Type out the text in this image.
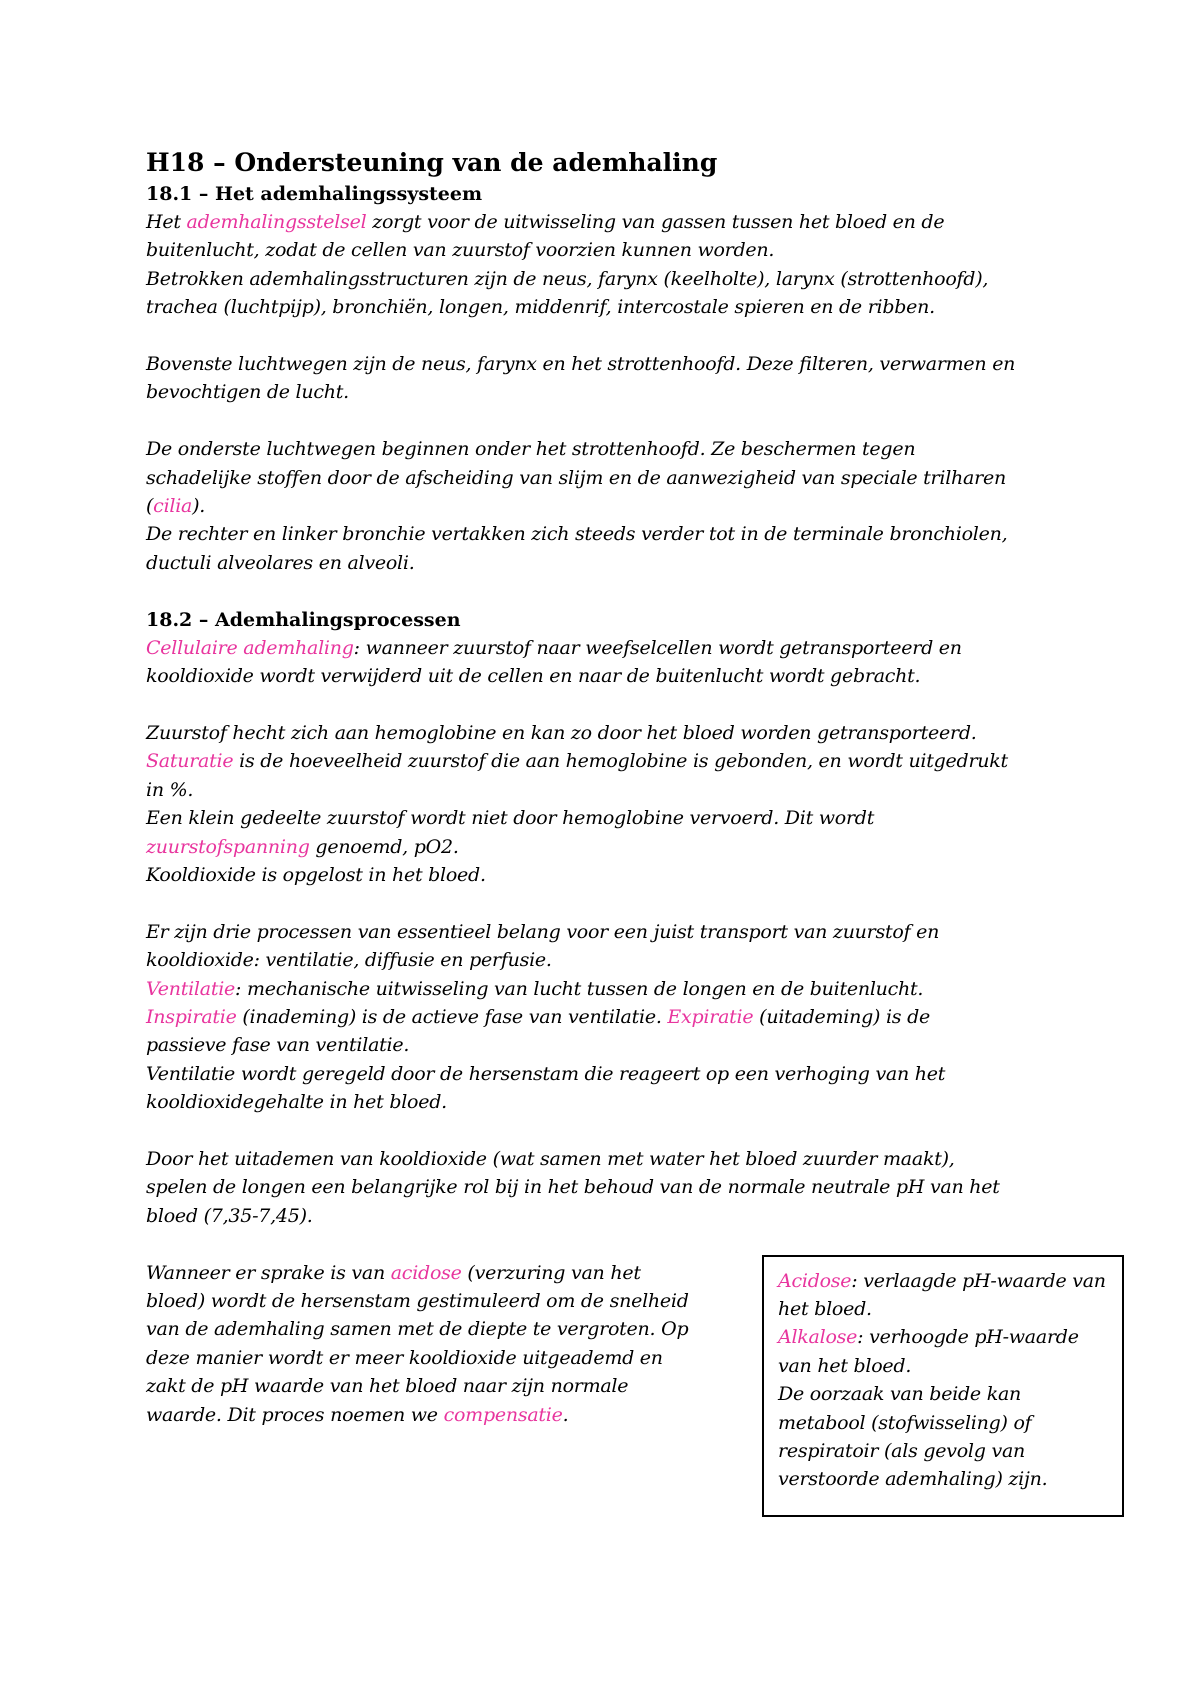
H18 – Ondersteuning van de ademhaling
18.1 – Het ademhalingssysteem

Het ademhalingsstelsel zorgt voor de uitwisseling van gassen tussen het bloed en de

buitenlucht, zodat de cellen van zuurstof voorzien kunnen worden.

Betrokken ademhalingsstructuren zijn de neus, farynx (keelholte), larynx (strottenhoofd),

trachea (luchtpijp), bronchiën, longen, middenrif, intercostale spieren en de ribben.

Bovenste luchtwegen zijn de neus, farynx en het strottenhoofd. Deze filteren, verwarmen en

bevochtigen de lucht.

De onderste luchtwegen beginnen onder het strottenhoofd. Ze beschermen tegen

schadelijke stoffen door de afscheiding van slijm en de aanwezigheid van speciale trilharen

(cilia).

De rechter en linker bronchie vertakken zich steeds verder tot in de terminale bronchiolen,

ductuli alveolares en alveoli.

18.2 – Ademhalingsprocessen

Cellulaire ademhaling: wanneer zuurstof naar weefselcellen wordt getransporteerd en

kooldioxide wordt verwijderd uit de cellen en naar de buitenlucht wordt gebracht.

Zuurstof hecht zich aan hemoglobine en kan zo door het bloed worden getransporteerd.

Saturatie is de hoeveelheid zuurstof die aan hemoglobine is gebonden, en wordt uitgedrukt

in %.

Een klein gedeelte zuurstof wordt niet door hemoglobine vervoerd. Dit wordt

zuurstofspanning genoemd, pO2.

Kooldioxide is opgelost in het bloed.

Er zijn drie processen van essentieel belang voor een juist transport van zuurstof en

kooldioxide: ventilatie, diffusie en perfusie.

Ventilatie: mechanische uitwisseling van lucht tussen de longen en de buitenlucht.

Inspiratie (inademing) is de actieve fase van ventilatie. Expiratie (uitademing) is de

passieve fase van ventilatie.

Ventilatie wordt geregeld door de hersenstam die reageert op een verhoging van het

kooldioxidegehalte in het bloed.

Door het uitademen van kooldioxide (wat samen met water het bloed zuurder maakt),

spelen de longen een belangrijke rol bij in het behoud van de normale neutrale pH van het

bloed (7,35-7,45).

Wanneer er sprake is van acidose (verzuring van het

bloed) wordt de hersenstam gestimuleerd om de snelheid

van de ademhaling samen met de diepte te vergroten. Op

deze manier wordt er meer kooldioxide uitgeademd en

zakt de pH waarde van het bloed naar zijn normale

waarde. Dit proces noemen we compensatie.

Acidose: verlaagde pH-waarde van

het bloed.

Alkalose: verhoogde pH-waarde

van het bloed.

De oorzaak van beide kan

metabool (stofwisseling) of

respiratoir (als gevolg van

verstoorde ademhaling) zijn.
